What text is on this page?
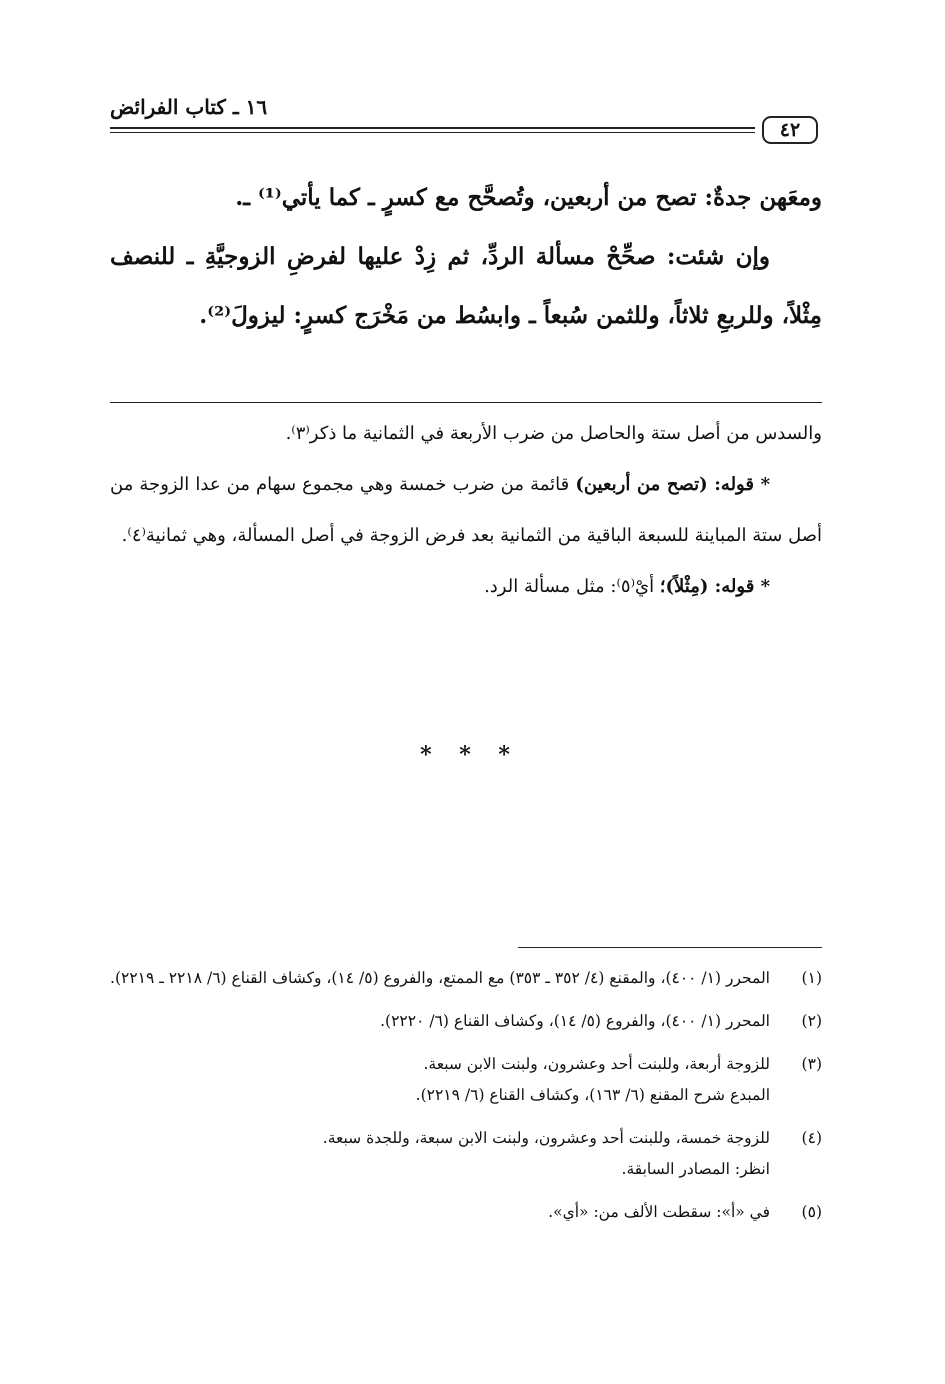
١٦ ـ كتاب الفرائض
٤٢

ومعَهن جدةٌ: تصح من أربعين، وتُصحَّح مع كسرٍ ـ كما يأتي⁽¹⁾ ـ.

وإن شئت: صحِّحْ مسألة الردِّ، ثم زِدْ عليها لفرضِ الزوجيَّةِ ـ للنصف مِثْلاً، وللربعِ ثلاثاً، وللثمن سُبعاً ـ وابسُط من مَخْرَج كسرٍ: ليزولَ⁽²⁾.

والسدس من أصل ستة والحاصل من ضرب الأربعة في الثمانية ما ذكر⁽٣⁾.

* قوله: (تصح من أربعين) قائمة من ضرب خمسة وهي مجموع سهام من عدا الزوجة من أصل ستة المباينة للسبعة الباقية من الثمانية بعد فرض الزوجة في أصل المسألة، وهي ثمانية⁽٤⁾.

* قوله: (مِثْلاً)؛ أيْ⁽٥⁾: مثل مسألة الرد.

* * *
(١)

المحرر (١/ ٤٠٠)، والمقنع (٤/ ٣٥٢ ـ ٣٥٣) مع الممتع، والفروع (٥/ ١٤)، وكشاف القناع (٦/ ٢٢١٨ ـ ٢٢١٩).

(٢)

المحرر (١/ ٤٠٠)، والفروع (٥/ ١٤)، وكشاف القناع (٦/ ٢٢٢٠).

(٣)

للزوجة أربعة، وللبنت أحد وعشرون، ولبنت الابن سبعة.

المبدع شرح المقنع (٦/ ١٦٣)، وكشاف القناع (٦/ ٢٢١٩).

(٤)

للزوجة خمسة، وللبنت أحد وعشرون، ولبنت الابن سبعة، وللجدة سبعة.

انظر: المصادر السابقة.

(٥)

في «أ»: سقطت الألف من: «أي».
